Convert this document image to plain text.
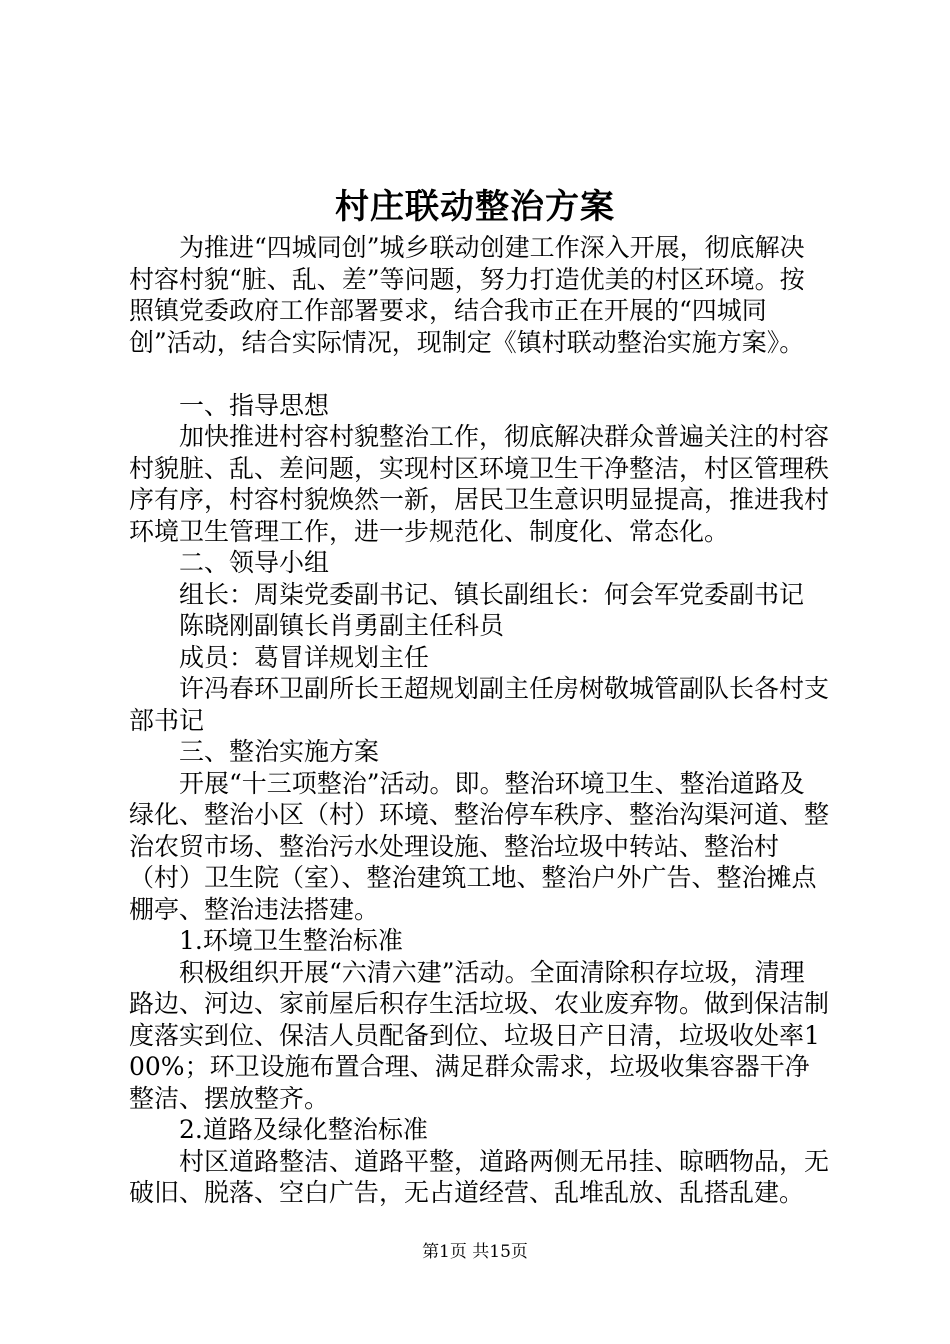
村庄联动整治方案

为推进“四城同创”城乡联动创建工作深入开展，彻底解决村容村貌“脏、乱、差”等问题，努力打造优美的村区环境。按照镇党委政府工作部署要求，结合我市正在开展的“四城同创”活动，结合实际情况，现制定《镇村联动整治实施方案》。

一、指导思想

加快推进村容村貌整治工作，彻底解决群众普遍关注的村容村貌脏、乱、差问题，实现村区环境卫生干净整洁，村区管理秩序有序，村容村貌焕然一新，居民卫生意识明显提高，推进我村环境卫生管理工作，进一步规范化、制度化、常态化。

二、领导小组

组长：周柒党委副书记、镇长副组长：何会军党委副书记

陈晓刚副镇长肖勇副主任科员

成员：葛冒详规划主任

许冯春环卫副所长王超规划副主任房树敬城管副队长各村支部书记

三、整治实施方案

开展“十三项整治”活动。即。整治环境卫生、整治道路及绿化、整治小区（村）环境、整治停车秩序、整治沟渠河道、整治农贸市场、整治污水处理设施、整治垃圾中转站、整治村（村）卫生院（室）、整治建筑工地、整治户外广告、整治摊点棚亭、整治违法搭建。

1.环境卫生整治标准

积极组织开展“六清六建”活动。全面清除积存垃圾，清理路边、河边、家前屋后积存生活垃圾、农业废弃物。做到保洁制度落实到位、保洁人员配备到位、垃圾日产日清，垃圾收处率100%；环卫设施布置合理、满足群众需求，垃圾收集容器干净整洁、摆放整齐。

2.道路及绿化整治标准

村区道路整洁、道路平整，道路两侧无吊挂、晾晒物品，无破旧、脱落、空白广告，无占道经营、乱堆乱放、乱搭乱建。

第1页 共15页
